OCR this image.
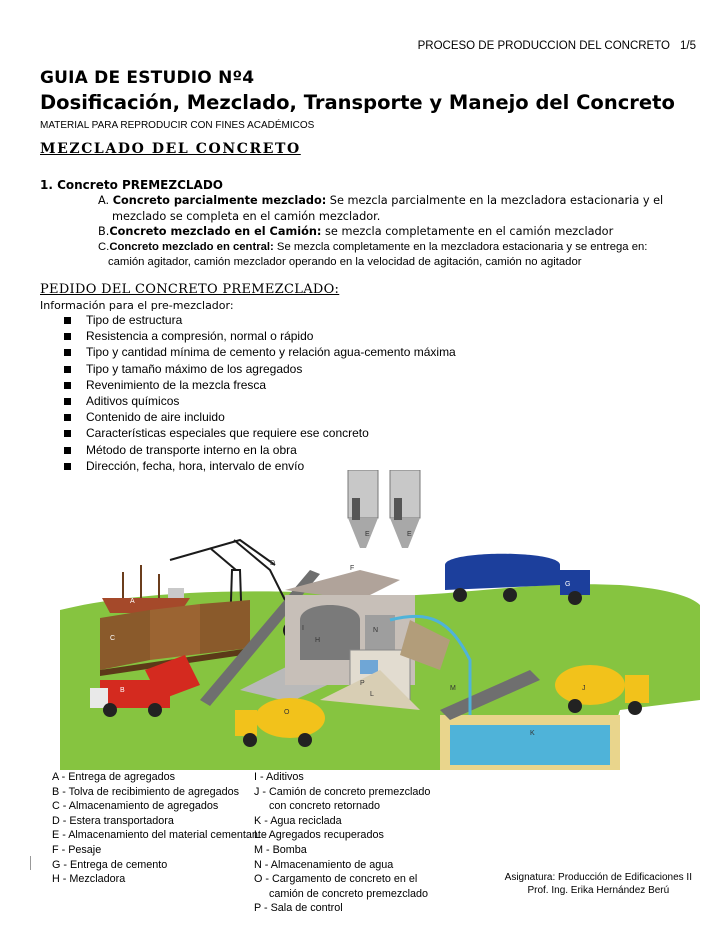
PROCESO DE PRODUCCION DEL CONCRETO 1/5
GUIA DE ESTUDIO Nº4
Dosificación, Mezclado, Transporte y Manejo del Concreto
MATERIAL PARA REPRODUCIR CON FINES ACADÉMICOS
MEZCLADO DEL CONCRETO
1. Concreto PREMEZCLADO
A. Concreto parcialmente mezclado: Se mezcla parcialmente en la mezcladora estacionaria y el
mezclado se completa en el camión mezclador.
B.Concreto mezclado en el Camión: se mezcla completamente en el camión mezclador
C.Concreto mezclado en central: Se mezcla completamente en la mezcladora estacionaria y se entrega en:
camión agitador, camión mezclador operando en la velocidad de agitación, camión no agitador
PEDIDO DEL CONCRETO PREMEZCLADO:
Información para el pre-mezclador:
Tipo de estructura
Resistencia a compresión, normal o rápido
Tipo y cantidad mínima de cemento y relación agua-cemento máxima
Tipo y tamaño máximo de los agregados
Revenimiento de la mezcla fresca
Aditivos químicos
Contenido de aire incluido
Características especiales que requiere ese concreto
Método de transporte interno en la obra
Dirección, fecha, hora, intervalo de envío
A
B
C
D
E	E
F
G
H
I
J
K
L
M
N
O
P
A - Entrega de agregados
B - Tolva de recibimiento de agregados
C - Almacenamiento de agregados
D - Estera transportadora
E - Almacenamiento del material cementante
F - Pesaje
G - Entrega de cemento
H - Mezcladora
I - Aditivos
J - Camión de concreto premezclado
con concreto retornado
K - Agua reciclada
L - Agregados recuperados
M - Bomba
N - Almacenamiento de agua
O - Cargamento de concreto en el
camión de concreto premezclado
P - Sala de control
Asignatura: Producción de Edificaciones II
Prof. Ing. Erika Hernández Berú
